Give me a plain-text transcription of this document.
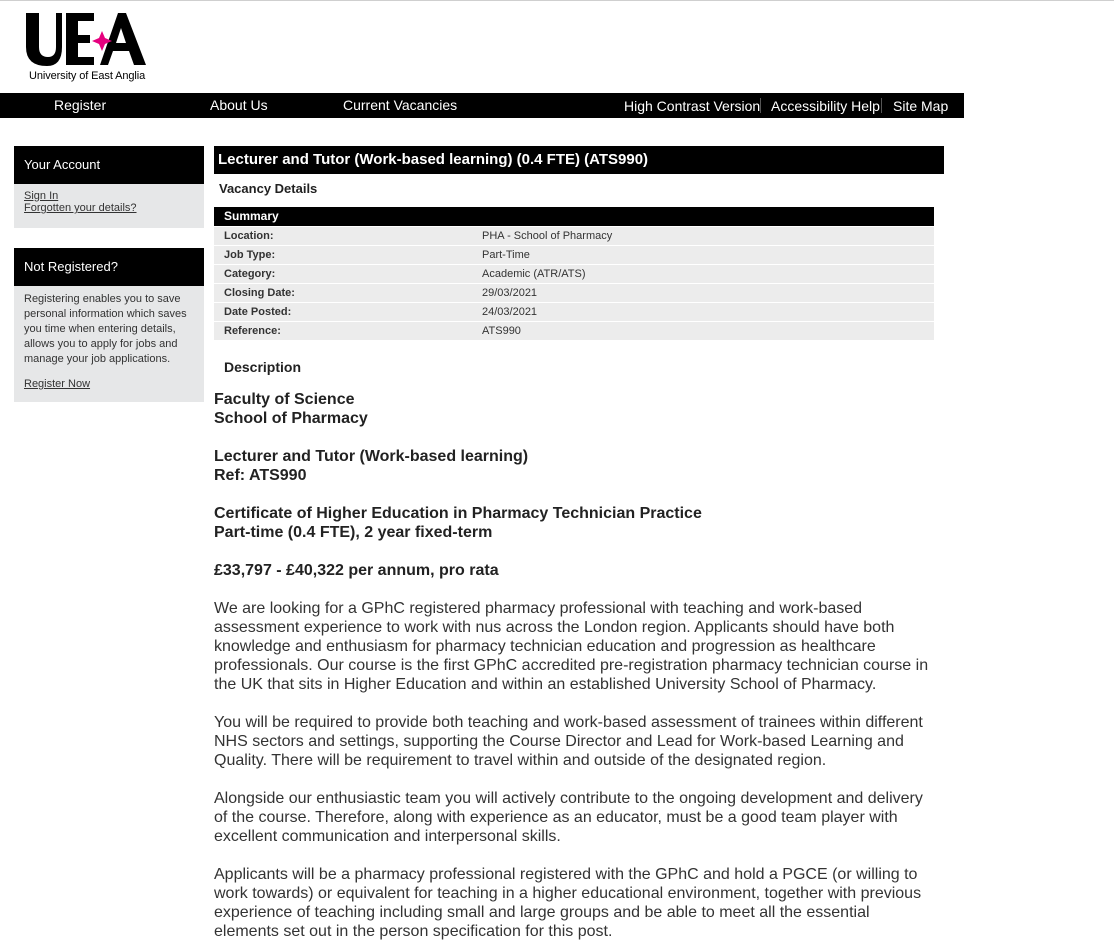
University of East Anglia
Register	About Us	Current Vacancies	High Contrast Version Accessibility Help Site Map
Your Account
Sign In
Forgotten your details?
Not Registered?
Registering enables you to save personal information which saves you time when entering details, allows you to apply for jobs and manage your job applications.
Register Now
Lecturer and Tutor (Work-based learning) (0.4 FTE) (ATS990)
Vacancy Details
Summary
Location:	PHA - School of Pharmacy
Job Type:	Part-Time
Category:	Academic (ATR/ATS)
Closing Date:	29/03/2021
Date Posted:	24/03/2021
Reference:	ATS990
Description
Faculty of Science
School of Pharmacy
Lecturer and Tutor (Work-based learning)
Ref: ATS990
Certificate of Higher Education in Pharmacy Technician Practice
Part-time (0.4 FTE), 2 year fixed-term
£33,797 - £40,322 per annum, pro rata

We are looking for a GPhC registered pharmacy professional with teaching and work-based assessment experience to work with nus across the London region. Applicants should have both knowledge and enthusiasm for pharmacy technician education and progression as healthcare professionals. Our course is the first GPhC accredited pre-registration pharmacy technician course in the UK that sits in Higher Education and within an established University School of Pharmacy.

You will be required to provide both teaching and work-based assessment of trainees within different NHS sectors and settings, supporting the Course Director and Lead for Work-based Learning and Quality. There will be requirement to travel within and outside of the designated region.

Alongside our enthusiastic team you will actively contribute to the ongoing development and delivery of the course. Therefore, along with experience as an educator, must be a good team player with excellent communication and interpersonal skills.

Applicants will be a pharmacy professional registered with the GPhC and hold a PGCE (or willing to work towards) or equivalent for teaching in a higher educational environment, together with previous experience of teaching including small and large groups and be able to meet all the essential elements set out in the person specification for this post.
